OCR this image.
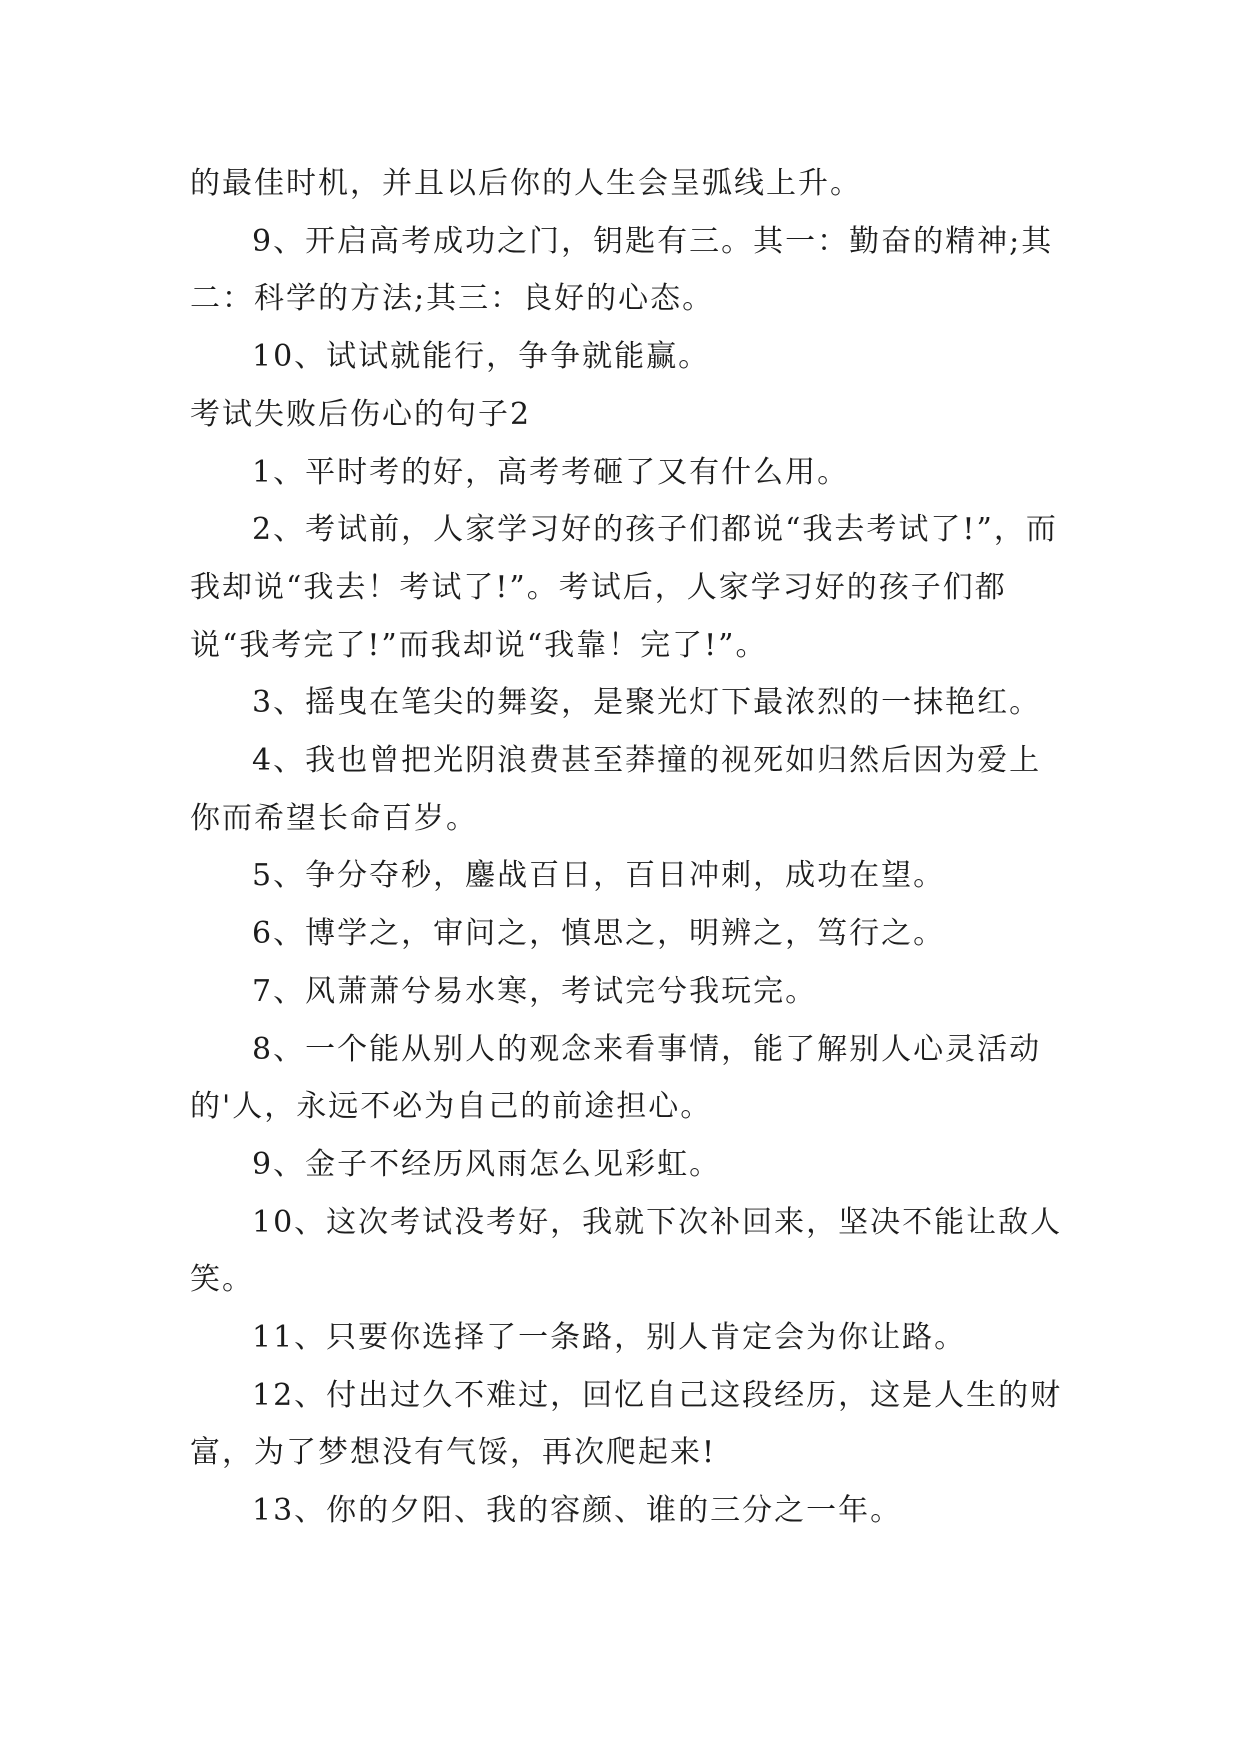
的最佳时机，并且以后你的人生会呈弧线上升。

9、开启高考成功之门，钥匙有三。其一：勤奋的精神;其二：科学的方法;其三：良好的心态。

10、试试就能行，争争就能赢。

考试失败后伤心的句子2

1、平时考的好，高考考砸了又有什么用。

2、考试前，人家学习好的孩子们都说“我去考试了!”，而我却说“我去！考试了!”。考试后，人家学习好的孩子们都说“我考完了!”而我却说“我靠！完了!”。

3、摇曳在笔尖的舞姿，是聚光灯下最浓烈的一抹艳红。

4、我也曾把光阴浪费甚至莽撞的视死如归然后因为爱上你而希望长命百岁。

5、争分夺秒，鏖战百日，百日冲刺，成功在望。

6、博学之，审问之，慎思之，明辨之，笃行之。

7、风萧萧兮易水寒，考试完兮我玩完。

8、一个能从别人的观念来看事情，能了解别人心灵活动的'人，永远不必为自己的前途担心。

9、金子不经历风雨怎么见彩虹。

10、这次考试没考好，我就下次补回来，坚决不能让敌人笑。

11、只要你选择了一条路，别人肯定会为你让路。

12、付出过久不难过，回忆自己这段经历，这是人生的财富，为了梦想没有气馁，再次爬起来!

13、你的夕阳、我的容颜、谁的三分之一年。
